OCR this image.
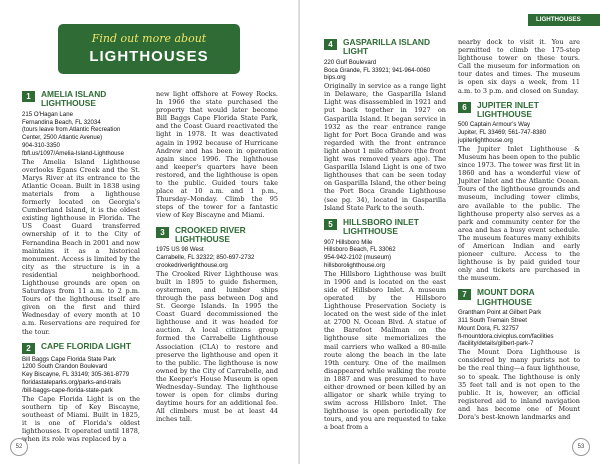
Find out more about
LIGHTHOUSES
1	AMELIA ISLAND LIGHTHOUSE
215 O'Hagan Lane
Fernandina Beach, FL 32034
(tours leave from Atlantic Recreation
Center, 2500 Atlantic Avenue)
904-310-3350
fbfl.us/1097/Amelia-Island-Lighthouse

The Amelia Island Lighthouse overlooks Egans Creek and the St. Marys River at its entrance to the Atlantic Ocean. Built in 1838 using materials from a lighthouse formerly located on Georgia's Cumberland Island, it is the oldest existing lighthouse in Florida. The US Coast Guard transferred ownership of it to the City of Fernandina Beach in 2001 and now maintains it as a historical monument. Access is limited by the city as the structure is in a residential neighborhood. Lighthouse grounds are open on Saturdays from 11 a.m. to 2 p.m. Tours of the lighthouse itself are given on the first and third Wednesday of every month at 10 a.m. Reservations are required for the tour.

2	CAPE FLORIDA LIGHT
Bill Baggs Cape Florida State Park
1200 South Crandon Boulevard
Key Biscayne, FL 33149; 305-361-8779
floridastateparks.org/parks-and-trails
/bill-baggs-cape-florida-state-park

The Cape Florida Light is on the southern tip of Key Biscayne, southeast of Miami. Built in 1825, it is one of Florida's oldest lighthouses. It operated until 1878, when its role was replaced by a

new light offshore at Fowey Rocks. In 1966 the state purchased the property that would later become Bill Baggs Cape Florida State Park, and the Coast Guard reactivated the light in 1978. It was deactivated again in 1992 because of Hurricane Andrew and has been in operation again since 1996. The lighthouse and keeper's quarters have been restored, and the lighthouse is open to the public. Guided tours take place at 10 a.m. and 1 p.m., Thursday–Monday. Climb the 95 steps of the tower for a fantastic view of Key Biscayne and Miami.

3	CROOKED RIVER LIGHTHOUSE
1975 US 98 West
Carrabelle, FL 32322; 850-697-2732
crookedriverlighthouse.org

The Crooked River Lighthouse was built in 1895 to guide fishermen, oystermen, and lumber ships through the pass between Dog and St. George Islands. In 1995 the Coast Guard decommissioned the lighthouse and it was headed for auction. A local citizens group formed the Carrabelle Lighthouse Association (CLA) to restore and preserve the lighthouse and open it to the public. The lighthouse is now owned by the City of Carrabelle, and the Keeper's House Museum is open Wednesday–Sunday. The lighthouse tower is open for climbs during daytime hours for an additional fee. All climbers must be at least 44 inches tall.

52
LIGHTHOUSES
4	GASPARILLA ISLAND LIGHT
220 Gulf Boulevard
Boca Grande, FL 33921; 941-964-0060
bips.org

Originally in service as a range light in Delaware, the Gasparilla Island Light was disassembled in 1921 and put back together in 1927 on Gasparilla Island. It began service in 1932 as the rear entrance range light for Port Boca Grande and was regarded with the front entrance light about 1 mile offshore (the front light was removed years ago). The Gasparilla Island Light is one of two lighthouses that can be seen today on Gasparilla Island, the other being the Port Boca Grande Lighthouse (see pg. 34), located in Gasparilla Island State Park to the south.

5	HILLSBORO INLET LIGHTHOUSE
907 Hillsboro Mile
Hillsboro Beach, FL 33062
954-942-2102 (museum)
hillsborolighthouse.org

The Hillsboro Lighthouse was built in 1906 and is located on the east side of Hillsboro Inlet. A museum operated by the Hillsboro Lighthouse Preservation Society is located on the west side of the inlet at 2700 N. Ocean Blvd. A statue of the Barefoot Mailman on the lighthouse site memorializes the mail carriers who walked a 80-mile route along the beach in the late 19th century. One of the mailmen disappeared while walking the route in 1887 and was presumed to have either drowned or been killed by an alligator or shark while trying to swim across Hillsboro Inlet. The lighthouse is open periodically for tours, and you are requested to take a boat from a

nearby dock to visit it. You are permitted to climb the 175-step lighthouse tower on these tours. Call the museum for information on tour dates and times. The museum is open six days a week, from 11 a.m. to 3 p.m. and closed on Sunday.

6	JUPITER INLET LIGHTHOUSE
500 Captain Armour's Way
Jupiter, FL 33469; 561-747-8380
jupiterlighthouse.org

The Jupiter Inlet Lighthouse & Museum has been open to the public since 1973. The tower was first lit in 1860 and has a wonderful view of Jupiter Inlet and the Atlantic Ocean. Tours of the lighthouse grounds and museum, including tower climbs, are available to the public. The lighthouse property also serves as a park and community center for the area and has a busy event schedule. The museum features many exhibits of American Indian and early pioneer culture. Access to the lighthouse is by paid guided tour only and tickets are purchased in the museum.

7	MOUNT DORA LIGHTHOUSE
Grantham Point at Gilbert Park
311 South Tremain Street
Mount Dora, FL 32757
fl-mountdora.civicplus.com/facilities
/facility/details/gilbert-park-7

The Mount Dora Lighthouse is considered by many purists not to be the real thing—a faux lighthouse, so to speak. The lighthouse is only 35 feet tall and is not open to the public. It is, however, an official registered aid to inland navigation and has become one of Mount Dora's best-known landmarks and

53
